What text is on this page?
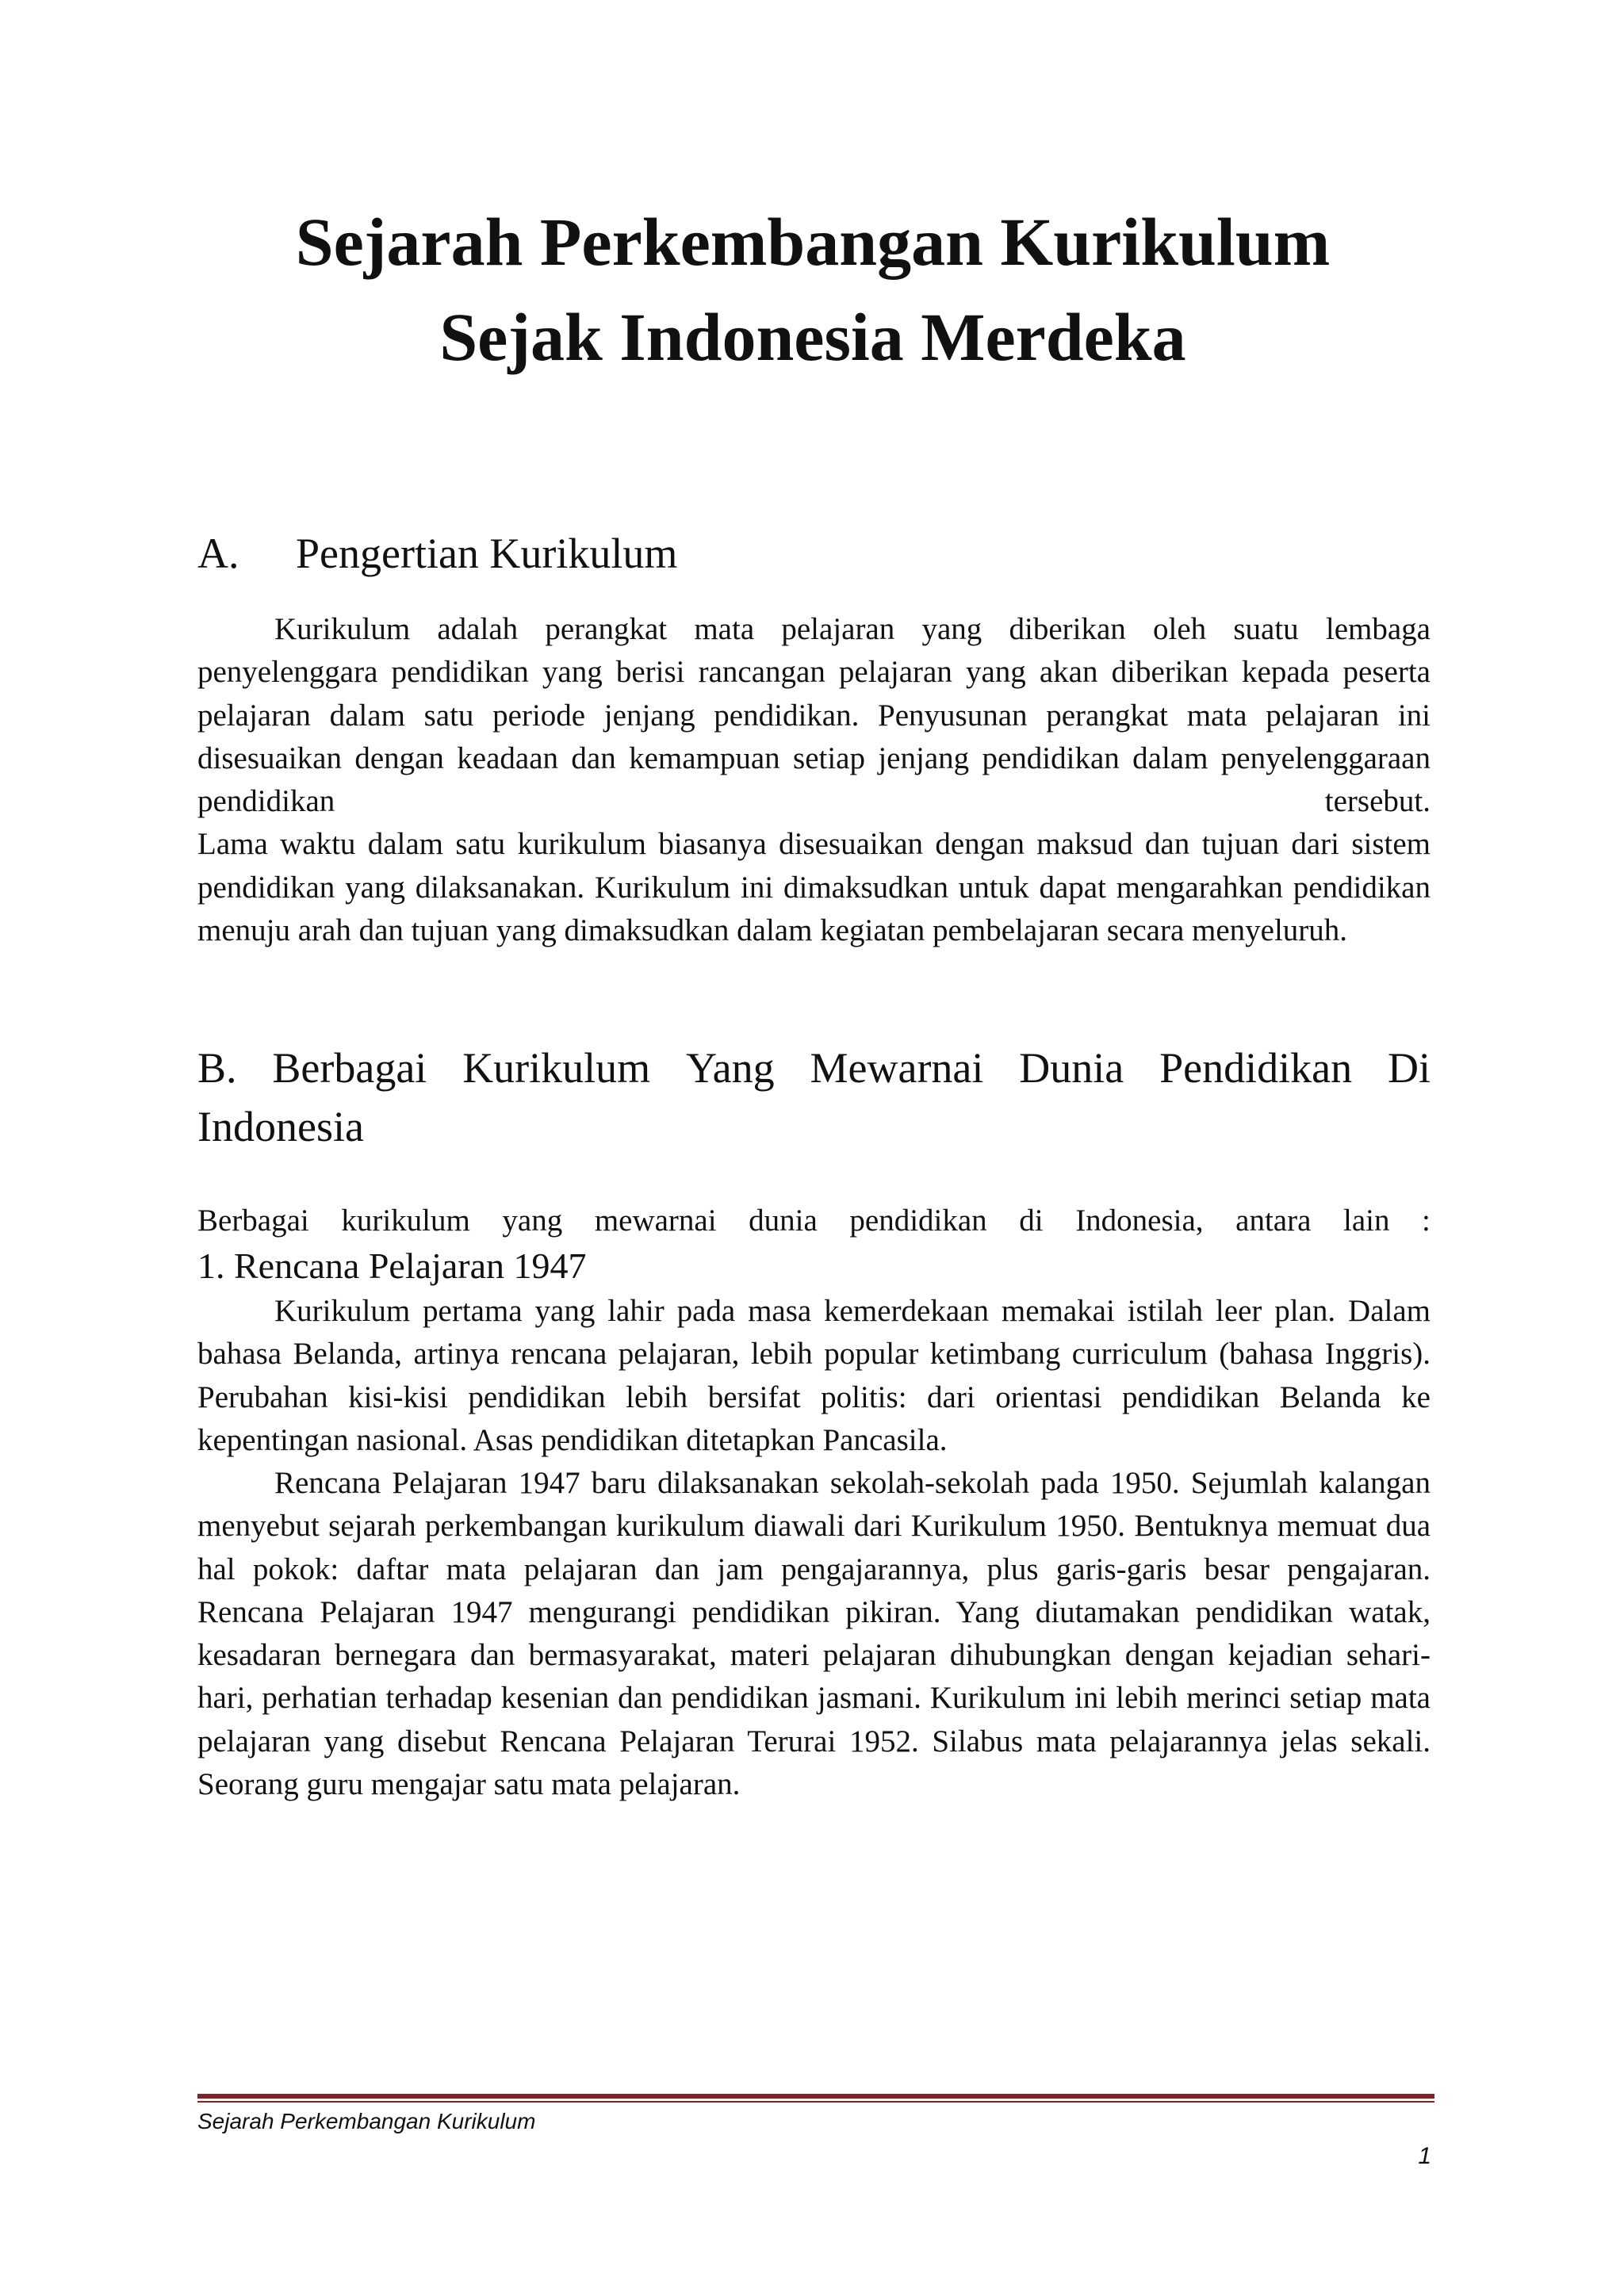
Sejarah Perkembangan Kurikulum
Sejak Indonesia Merdeka
A. Pengertian Kurikulum

Kurikulum adalah perangkat mata pelajaran yang diberikan oleh suatu lembaga penyelenggara pendidikan yang berisi rancangan pelajaran yang akan diberikan kepada peserta pelajaran dalam satu periode jenjang pendidikan. Penyusunan perangkat mata pelajaran ini disesuaikan dengan keadaan dan kemampuan setiap jenjang pendidikan dalam penyelenggaraan pendidikan tersebut.

Lama waktu dalam satu kurikulum biasanya disesuaikan dengan maksud dan tujuan dari sistem pendidikan yang dilaksanakan. Kurikulum ini dimaksudkan untuk dapat mengarahkan pendidikan menuju arah dan tujuan yang dimaksudkan dalam kegiatan pembelajaran secara menyeluruh.

B. Berbagai Kurikulum Yang Mewarnai Dunia Pendidikan Di
Indonesia

Berbagai kurikulum yang mewarnai dunia pendidikan di Indonesia, antara lain :

1. Rencana Pelajaran 1947

Kurikulum pertama yang lahir pada masa kemerdekaan memakai istilah leer plan. Dalam bahasa Belanda, artinya rencana pelajaran, lebih popular ketimbang curriculum (bahasa Inggris). Perubahan kisi-kisi pendidikan lebih bersifat politis: dari orientasi pendidikan Belanda ke kepentingan nasional. Asas pendidikan ditetapkan Pancasila.

Rencana Pelajaran 1947 baru dilaksanakan sekolah-sekolah pada 1950. Sejumlah kalangan menyebut sejarah perkembangan kurikulum diawali dari Kurikulum 1950. Bentuknya memuat dua hal pokok: daftar mata pelajaran dan jam pengajarannya, plus garis-garis besar pengajaran. Rencana Pelajaran 1947 mengurangi pendidikan pikiran. Yang diutamakan pendidikan watak, kesadaran bernegara dan bermasyarakat, materi pelajaran dihubungkan dengan kejadian sehari-hari, perhatian terhadap kesenian dan pendidikan jasmani. Kurikulum ini lebih merinci setiap mata pelajaran yang disebut Rencana Pelajaran Terurai 1952. Silabus mata pelajarannya jelas sekali. Seorang guru mengajar satu mata pelajaran.

Sejarah Perkembangan Kurikulum

1
